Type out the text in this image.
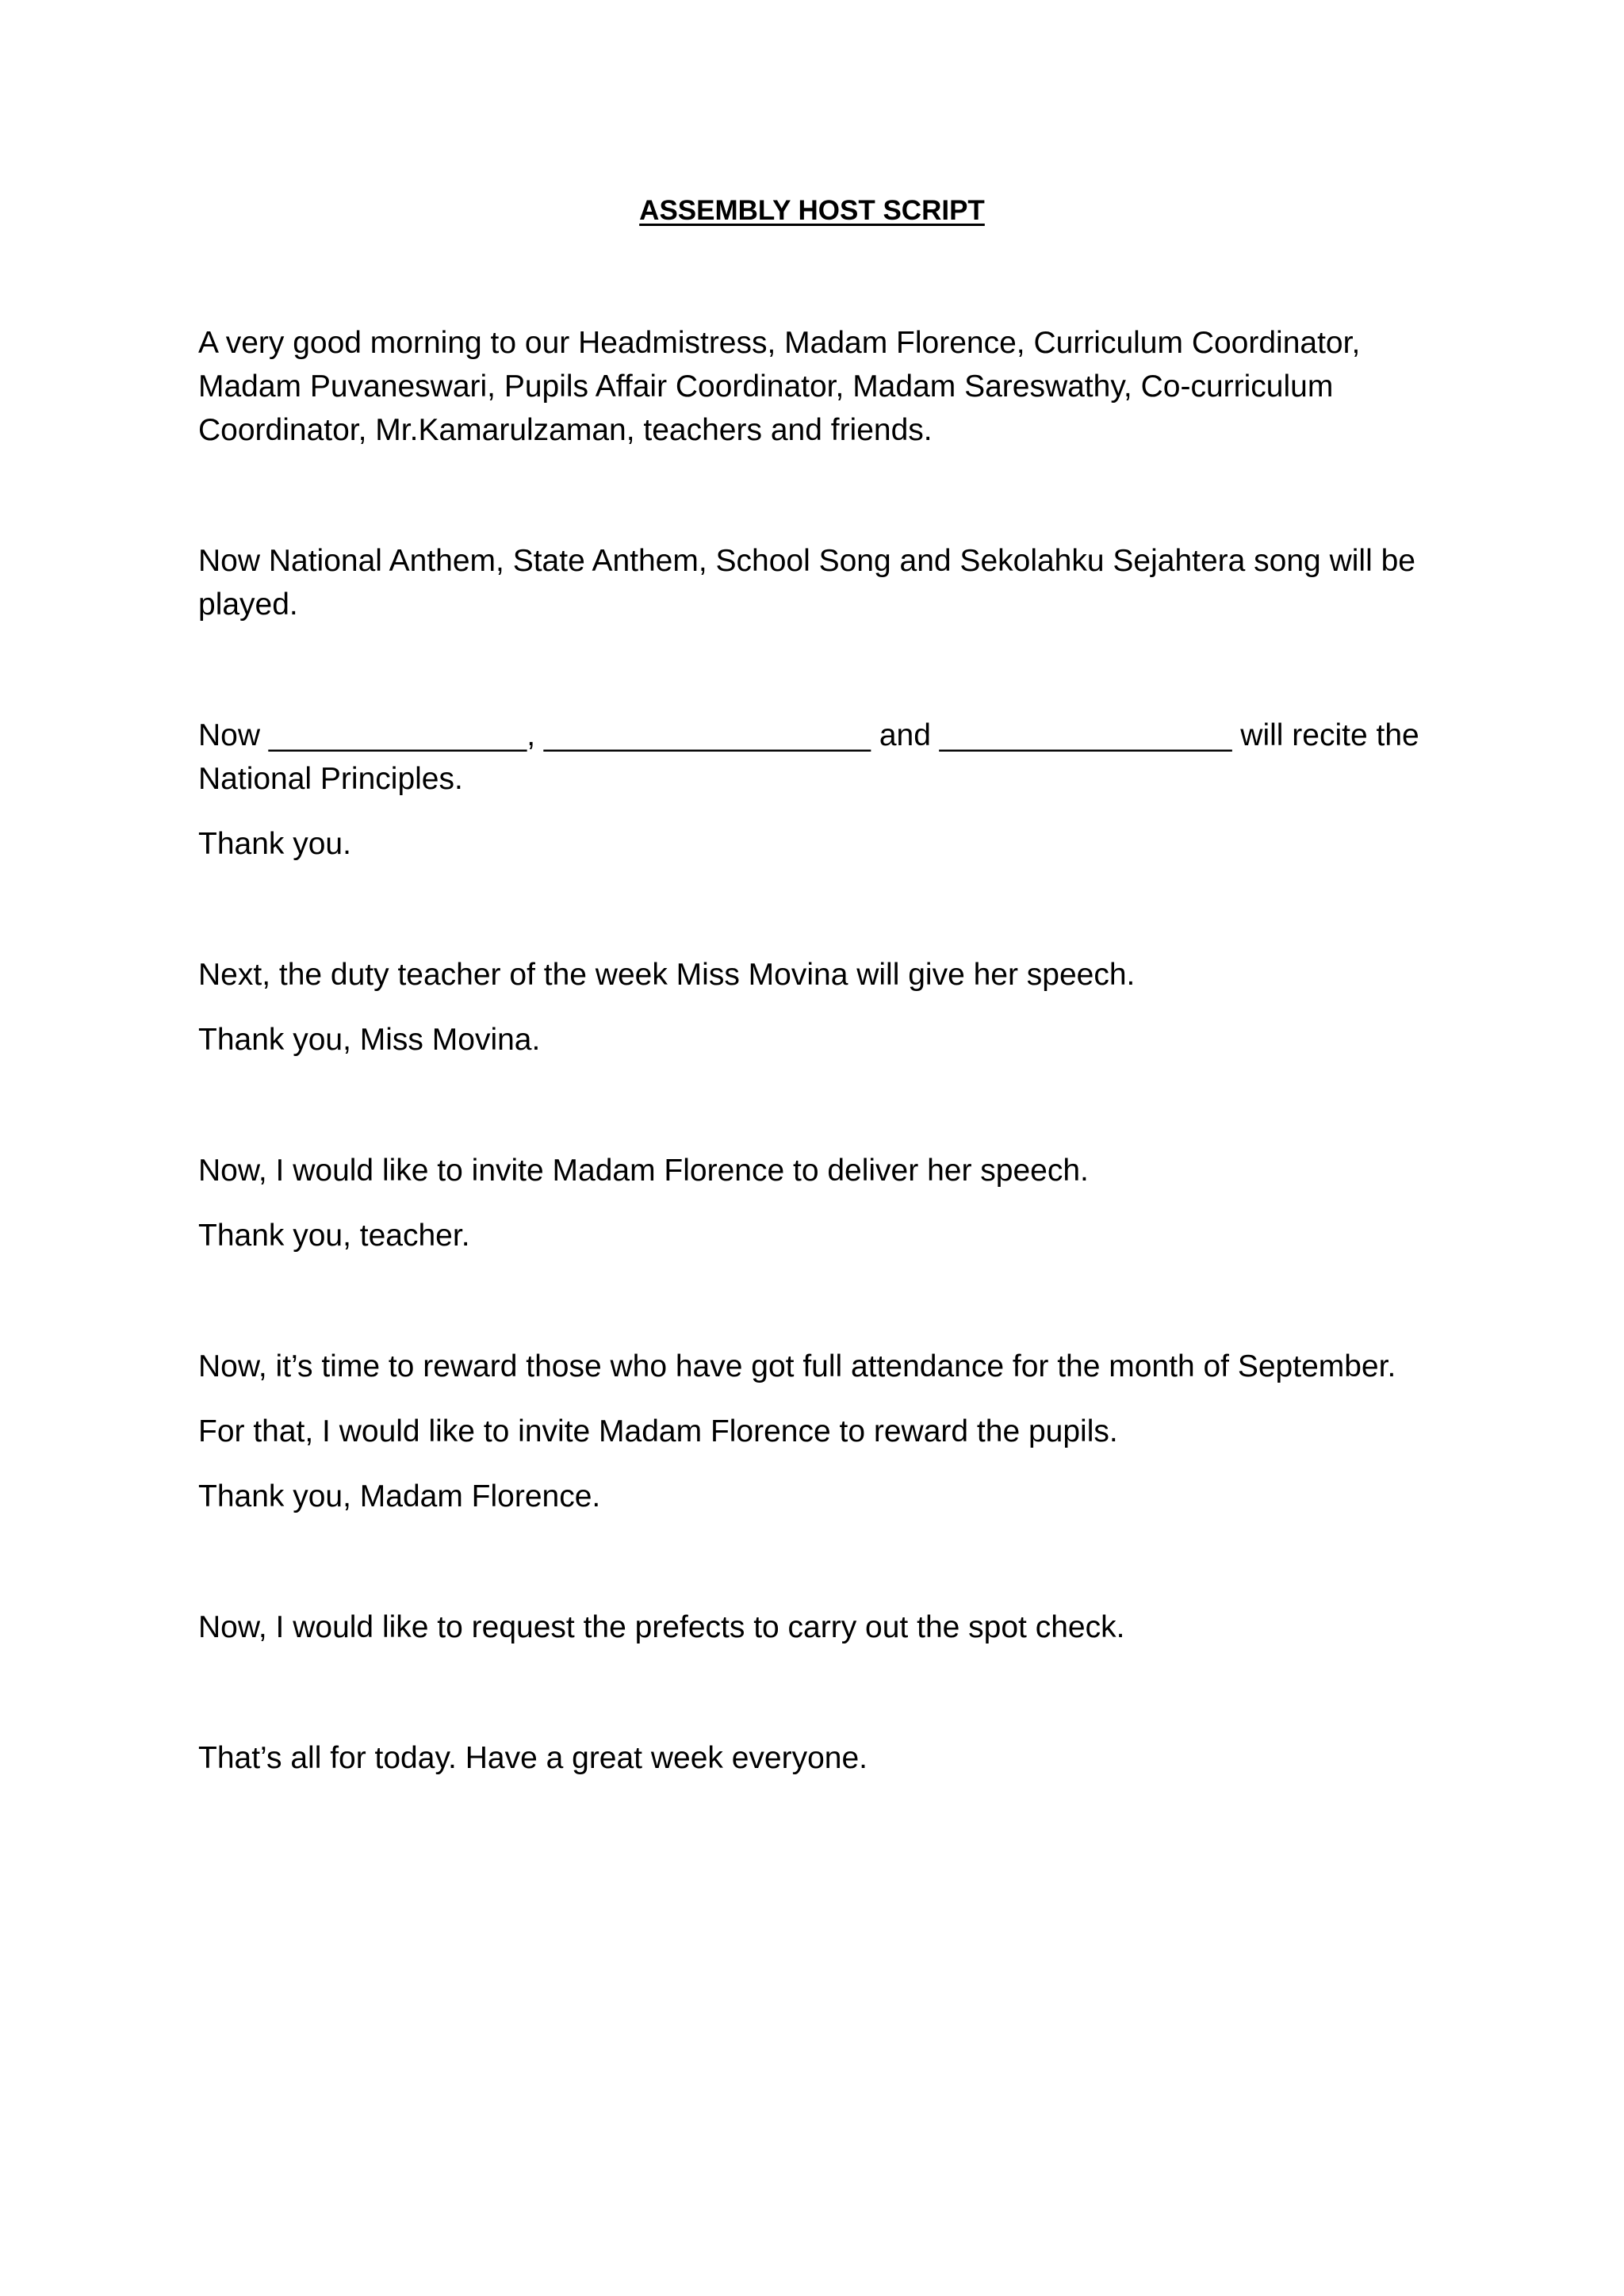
ASSEMBLY HOST SCRIPT

A very good morning to our Headmistress, Madam Florence, Curriculum Coordinator,

Madam Puvaneswari, Pupils Affair Coordinator, Madam Sareswathy, Co-curriculum

Coordinator, Mr.Kamarulzaman, teachers and friends.

Now National Anthem, State Anthem, School Song and Sekolahku Sejahtera song will be

played.

Now _______________, ___________________ and _________________ will recite the

National Principles.

Thank you.

Next, the duty teacher of the week Miss Movina will give her speech.

Thank you, Miss Movina.

Now, I would like to invite Madam Florence to deliver her speech.

Thank you, teacher.

Now, it’s time to reward those who have got full attendance for the month of September.

For that, I would like to invite Madam Florence to reward the pupils.

Thank you, Madam Florence.

Now, I would like to request the prefects to carry out the spot check.

That’s all for today. Have a great week everyone.
